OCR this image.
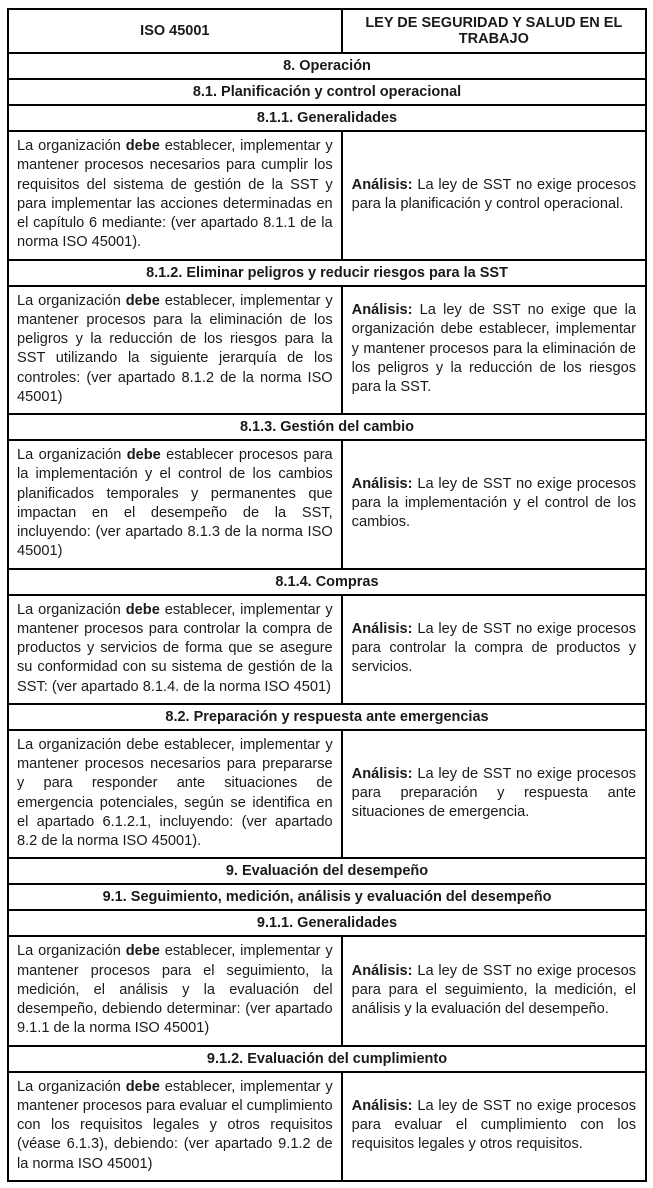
ISO 45001	LEY DE SEGURIDAD Y SALUD EN EL TRABAJO
8. Operación	
8.1. Planificación y control operacional	
8.1.1. Generalidades	
La organización debe establecer, implementar y mantener procesos necesarios para cumplir los requisitos del sistema de gestión de la SST y para implementar las acciones determinadas en el capítulo 6 mediante: (ver apartado 8.1.1 de la norma ISO 45001).	Análisis: La ley de SST no exige procesos para la planificación y control operacional.
8.1.2. Eliminar peligros y reducir riesgos para la SST	
La organización debe establecer, implementar y mantener procesos para la eliminación de los peligros y la reducción de los riesgos para la SST utilizando la siguiente jerarquía de los controles: (ver apartado 8.1.2 de la norma ISO 45001)	Análisis: La ley de SST no exige que la organización debe establecer, implementar y mantener procesos para la eliminación de los peligros y la reducción de los riesgos para la SST.
8.1.3. Gestión del cambio	
La organización debe establecer procesos para la implementación y el control de los cambios planificados temporales y permanentes que impactan en el desempeño de la SST, incluyendo: (ver apartado 8.1.3 de la norma ISO 45001)	Análisis: La ley de SST no exige procesos para la implementación y el control de los cambios.
8.1.4. Compras	
La organización debe establecer, implementar y mantener procesos para controlar la compra de productos y servicios de forma que se asegure su conformidad con su sistema de gestión de la SST: (ver apartado 8.1.4. de la norma ISO 4501)	Análisis: La ley de SST no exige procesos para controlar la compra de productos y servicios.
8.2. Preparación y respuesta ante emergencias	
La organización debe establecer, implementar y mantener procesos necesarios para prepararse y para responder ante situaciones de emergencia potenciales, según se identifica en el apartado 6.1.2.1, incluyendo: (ver apartado 8.2 de la norma ISO 45001).	Análisis: La ley de SST no exige procesos para preparación y respuesta ante situaciones de emergencia.
9. Evaluación del desempeño	
9.1. Seguimiento, medición, análisis y evaluación del desempeño	
9.1.1. Generalidades	
La organización debe establecer, implementar y mantener procesos para el seguimiento, la medición, el análisis y la evaluación del desempeño, debiendo determinar: (ver apartado 9.1.1 de la norma ISO 45001)	Análisis: La ley de SST no exige procesos para para el seguimiento, la medición, el análisis y la evaluación del desempeño.
9.1.2. Evaluación del cumplimiento	
La organización debe establecer, implementar y mantener procesos para evaluar el cumplimiento con los requisitos legales y otros requisitos (véase 6.1.3), debiendo: (ver apartado 9.1.2 de la norma ISO 45001)	Análisis: La ley de SST no exige procesos para evaluar el cumplimiento con los requisitos legales y otros requisitos.
